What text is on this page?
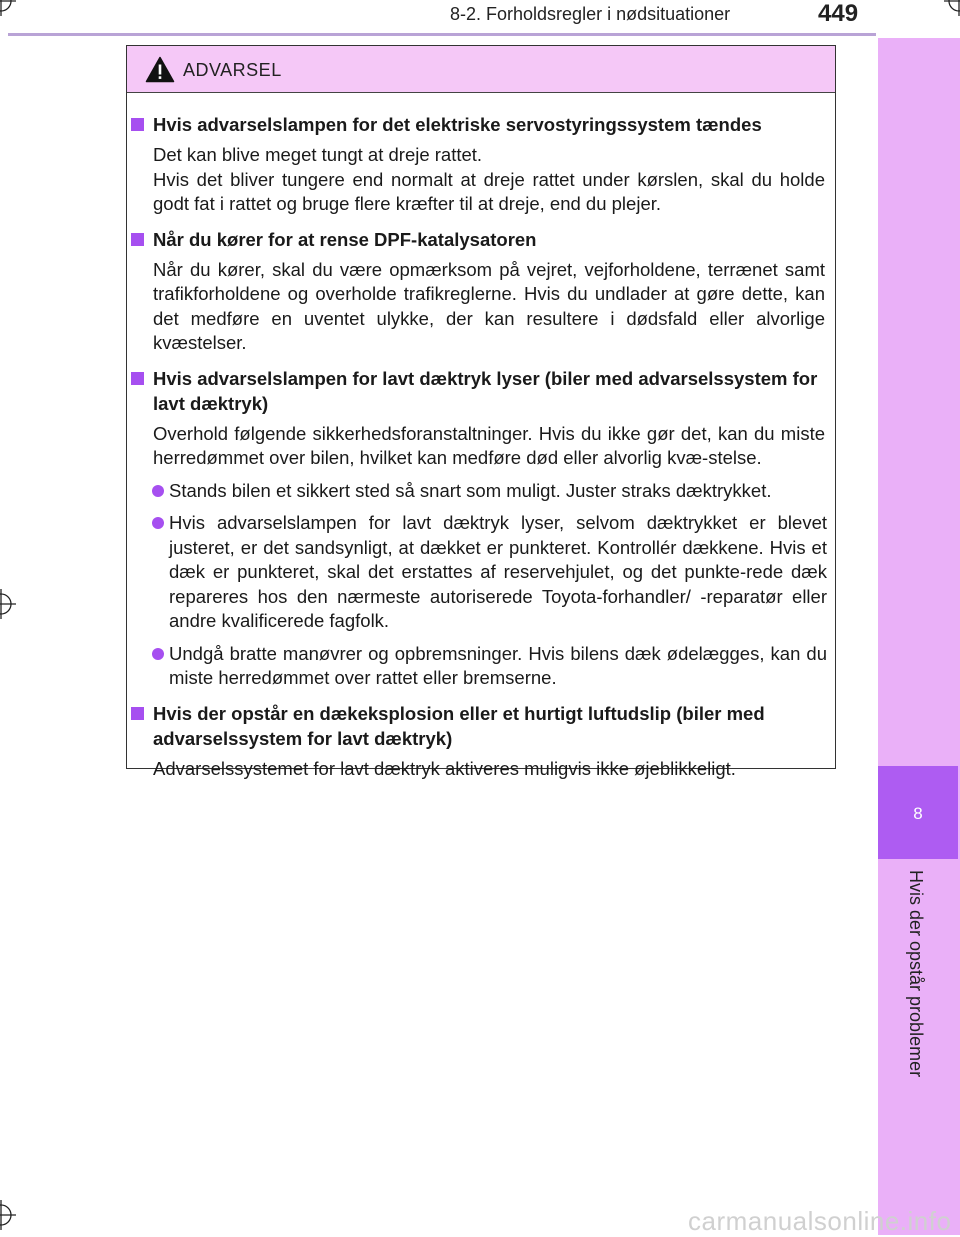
8
Hvis der opstår problemer
8-2. Forholdsregler i nødsituationer	449
ADVARSEL
Hvis advarselslampen for det elektriske servostyringssystem tændes
Det kan blive meget tungt at dreje rattet.
Hvis det bliver tungere end normalt at dreje rattet under kørslen, skal du holde godt fat i rattet og bruge flere kræfter til at dreje, end du plejer.
Når du kører for at rense DPF-katalysatoren
Når du kører, skal du være opmærksom på vejret, vejforholdene, terrænet samt trafikforholdene og overholde trafikreglerne. Hvis du undlader at gøre dette, kan det medføre en uventet ulykke, der kan resultere i dødsfald eller alvorlige kvæstelser.
Hvis advarselslampen for lavt dæktryk lyser (biler med advarselssystem for lavt dæktryk)
Overhold følgende sikkerhedsforanstaltninger. Hvis du ikke gør det, kan du miste herredømmet over bilen, hvilket kan medføre død eller alvorlig kvæ-stelse.
Stands bilen et sikkert sted så snart som muligt. Juster straks dæktrykket.
Hvis advarselslampen for lavt dæktryk lyser, selvom dæktrykket er blevet justeret, er det sandsynligt, at dækket er punkteret. Kontrollér dækkene. Hvis et dæk er punkteret, skal det erstattes af reservehjulet, og det punkte-rede dæk repareres hos den nærmeste autoriserede Toyota-forhandler/ -reparatør eller andre kvalificerede fagfolk.
Undgå bratte manøvrer og opbremsninger. Hvis bilens dæk ødelægges, kan du miste herredømmet over rattet eller bremserne.
Hvis der opstår en dækeksplosion eller et hurtigt luftudslip (biler med advarselssystem for lavt dæktryk)
Advarselssystemet for lavt dæktryk aktiveres muligvis ikke øjeblikkeligt.
carmanualsonline.info
